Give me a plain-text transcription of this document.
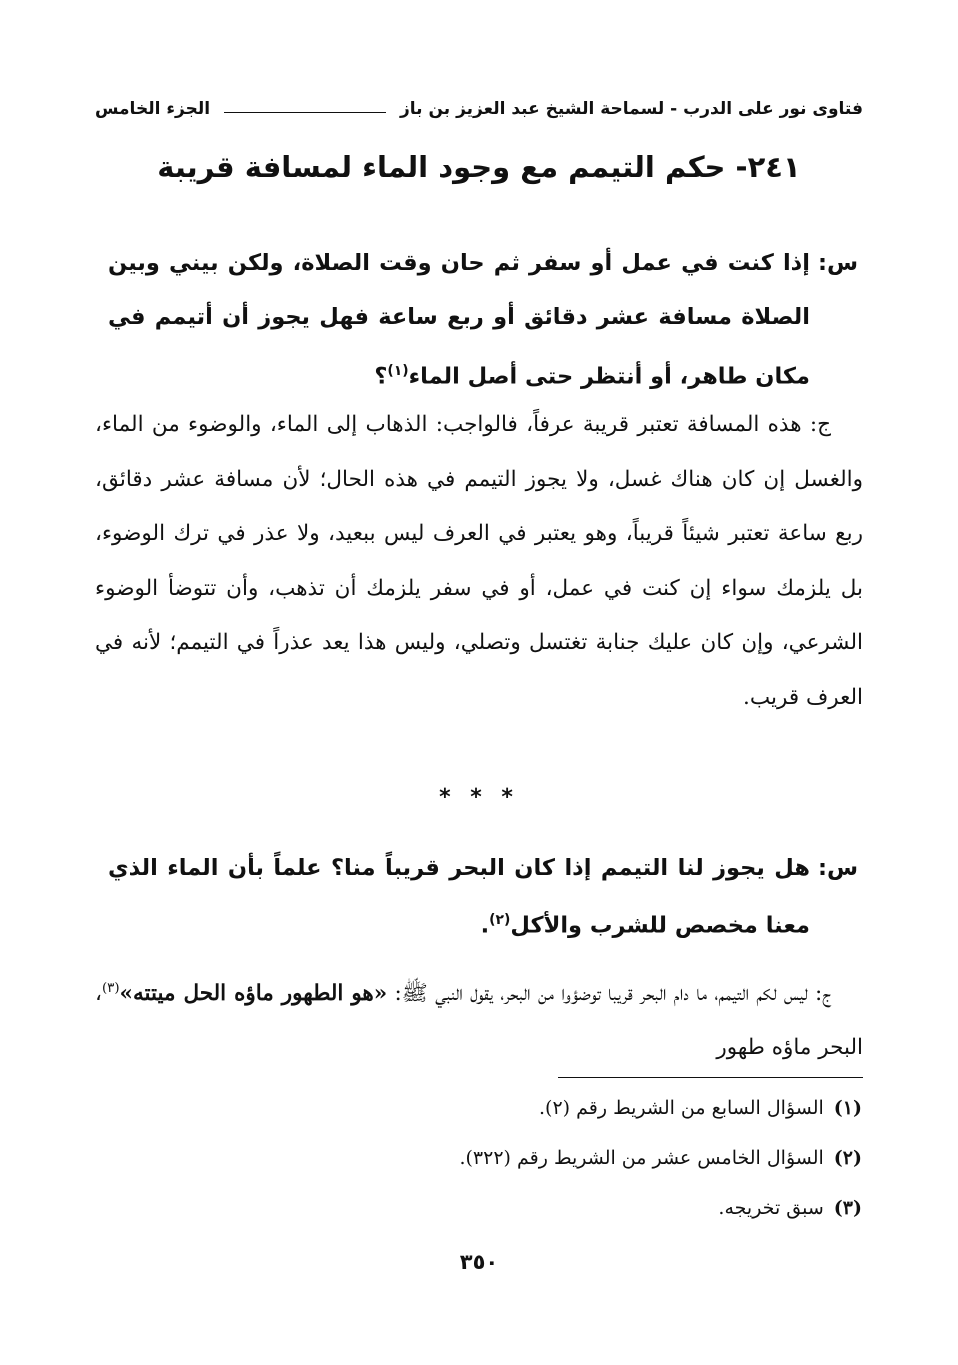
فتاوى نور على الدرب - لسماحة الشيخ عبد العزيز بن باز
الجزء الخامس
٢٤١- حكم التيمم مع وجود الماء لمسافة قريبة
س:
إذا كنت في عمل أو سفر ثم حان وقت الصلاة، ولكن بيني وبين الصلاة مسافة عشر دقائق أو ربع ساعة فهل يجوز أن أتيمم في مكان طاهر، أو أنتظر حتى أصل الماء$^{(١)}$؟
ج: هذه المسافة تعتبر قريبة عرفاً، فالواجب: الذهاب إلى الماء، والوضوء من الماء، والغسل إن كان هناك غسل، ولا يجوز التيمم في هذه الحال؛ لأن مسافة عشر دقائق، ربع ساعة تعتبر شيئاً قريباً، وهو يعتبر في العرف ليس ببعيد، ولا عذر في ترك الوضوء، بل يلزمك سواء إن كنت في عمل، أو في سفر يلزمك أن تذهب، وأن تتوضأ الوضوء الشرعي، وإن كان عليك جنابة تغتسل وتصلي، وليس هذا يعد عذراً في التيمم؛ لأنه في العرف قريب.
* * *
س:
هل يجوز لنا التيمم إذا كان البحر قريباً منا؟ علماً بأن الماء الذي معنا مخصص للشرب والأكل$^{(٢)}$.
ج: ليس لكم التيمم، ما دام البحر قريبا توضؤوا من البحر، يقول النبي ﷺ: «هو الطهور ماؤه الحل ميتته»$^{(٣)}$، البحر ماؤه طهور
(١)
السؤال السابع من الشريط رقم (٢).
(٢)
السؤال الخامس عشر من الشريط رقم (٣٢٢).
(٣)
سبق تخريجه.
٣٥٠
